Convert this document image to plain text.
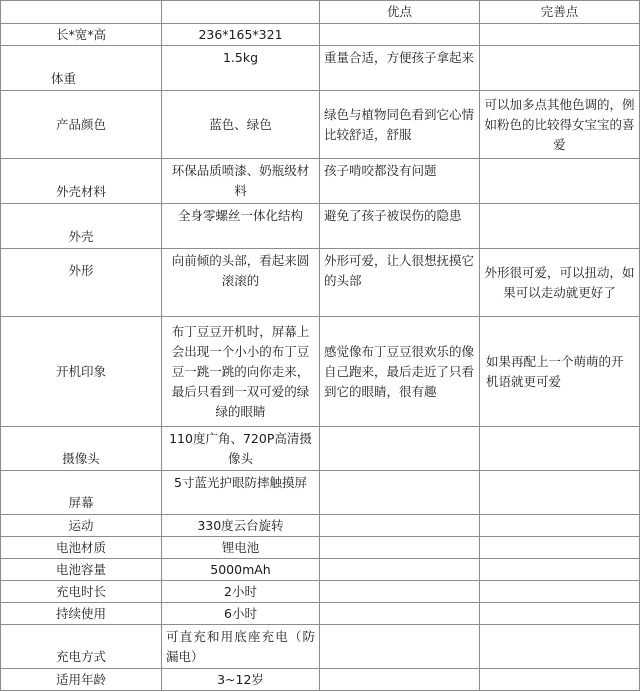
		优点	完善点
长*宽*高	236*165*321		
体重	1.5kg	重量合适，方便孩子拿起来	
产品颜色	蓝色、绿色	绿色与植物同色看到它心情比较舒适，舒服	可以加多点其他色调的，例如粉色的比较得女宝宝的喜爱
外壳材料	环保品质喷漆、奶瓶级材料	孩子啃咬都没有问题	
外壳	全身零螺丝一体化结构	避免了孩子被误伤的隐患	
外形	向前倾的头部，看起来圆滚滚的	外形可爱，让人很想抚摸它的头部	外形很可爱，可以扭动，如果可以走动就更好了
开机印象	布丁豆豆开机时，屏幕上会出现一个小小的布丁豆豆一跳一跳的向你走来，最后只看到一双可爱的绿绿的眼睛	感觉像布丁豆豆很欢乐的像自己跑来，最后走近了只看到它的眼睛，很有趣	如果再配上一个萌萌的开机语就更可爱
摄像头	110度广角、720P高清摄像头		
屏幕	5寸蓝光护眼防摔触摸屏		
运动	330度云台旋转		
电池材质	锂电池		
电池容量	5000mAh		
充电时长	2小时		
持续使用	6小时		
充电方式	可直充和用底座充电（防漏电）		
适用年龄	3~12岁		
